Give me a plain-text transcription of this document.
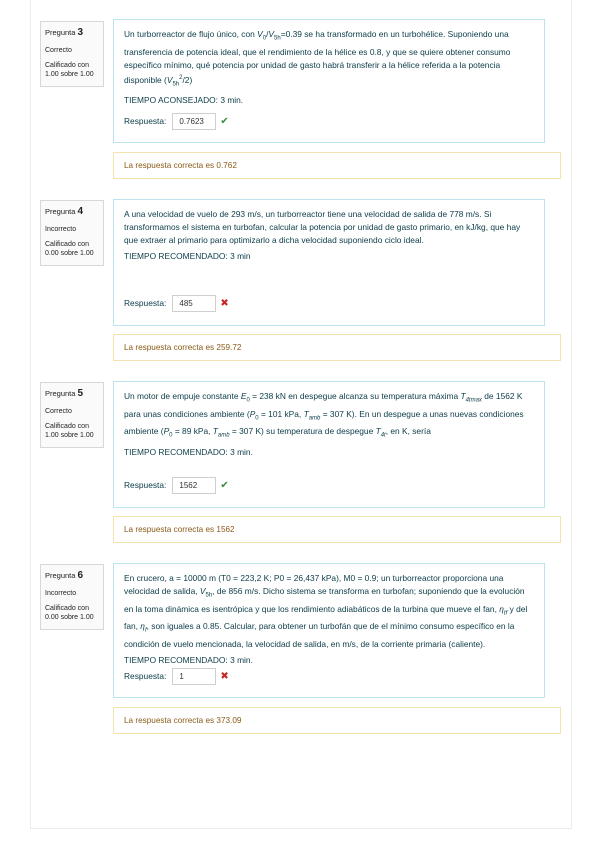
Pregunta 3
Correcto
Calificado con
1.00 sobre 1.00
Un turborreactor de flujo único, con $V_0/V_{5h}=0.39$ se ha transformado en un turbohélice. Suponiendo una transferencia de potencia ideal, que el rendimiento de la hélice es 0.8, y que se quiere obtener consumo específico mínimo, qué potencia por unidad de gasto habrá transferir a la hélice referida a la potencia disponible $(V_{5h}^2/2)$
TIEMPO ACONSEJADO: 3 min.
Respuesta:
0.7623	✔
La respuesta correcta es 0.762
Pregunta 4
Incorrecto
Calificado con
0.00 sobre 1.00
A una velocidad de vuelo de 293 m/s, un turborreactor tiene una velocidad de salida de 778 m/s. Si transformamos el sistema en turbofan, calcular la potencia por unidad de gasto primario, en kJ/kg, que hay que extraer al primario para optimizarlo a dicha velocidad suponiendo ciclo ideal.
TIEMPO RECOMENDADO: 3 min
Respuesta:
485	✖
La respuesta correcta es 259.72
Pregunta 5
Correcto
Calificado con
1.00 sobre 1.00
Un motor de empuje constante $E_0 = 238$ kN en despegue alcanza su temperatura máxima $T_{4tmax}$ de 1562 K para unas condiciones ambiente ($P_0 = 101$ kPa, $T_{amb} = 307$ K). En un despegue a unas nuevas condiciones ambiente ($P_0 = 89$ kPa, $T_{amb} = 307$ K) su temperatura de despegue $T_{4t}$, en K, sería
TIEMPO RECOMENDADO: 3 min.
Respuesta:
1562	✔
La respuesta correcta es 1562
Pregunta 6
Incorrecto
Calificado con
0.00 sobre 1.00
En crucero, a = 10000 m (T0 = 223,2 K; P0 = 26,437 kPa), M0 = 0.9; un turborreactor proporciona una velocidad de salida, $V_{5h}$, de 856 m/s. Dicho sistema se transforma en turbofan; suponiendo que la evolución en la toma dinámica es isentrópica y que los rendimiento adiabáticos de la turbina que mueve el fan, $\eta_{tf}$ y del fan, $\eta_f$, son iguales a 0.85. Calcular, para obtener un turbofán que de el mínimo consumo específico en la condición de vuelo mencionada, la velocidad de salida, en m/s, de la corriente primaria (caliente).
TIEMPO RECOMENDADO: 3 min.
Respuesta:
1	✖
La respuesta correcta es 373.09
